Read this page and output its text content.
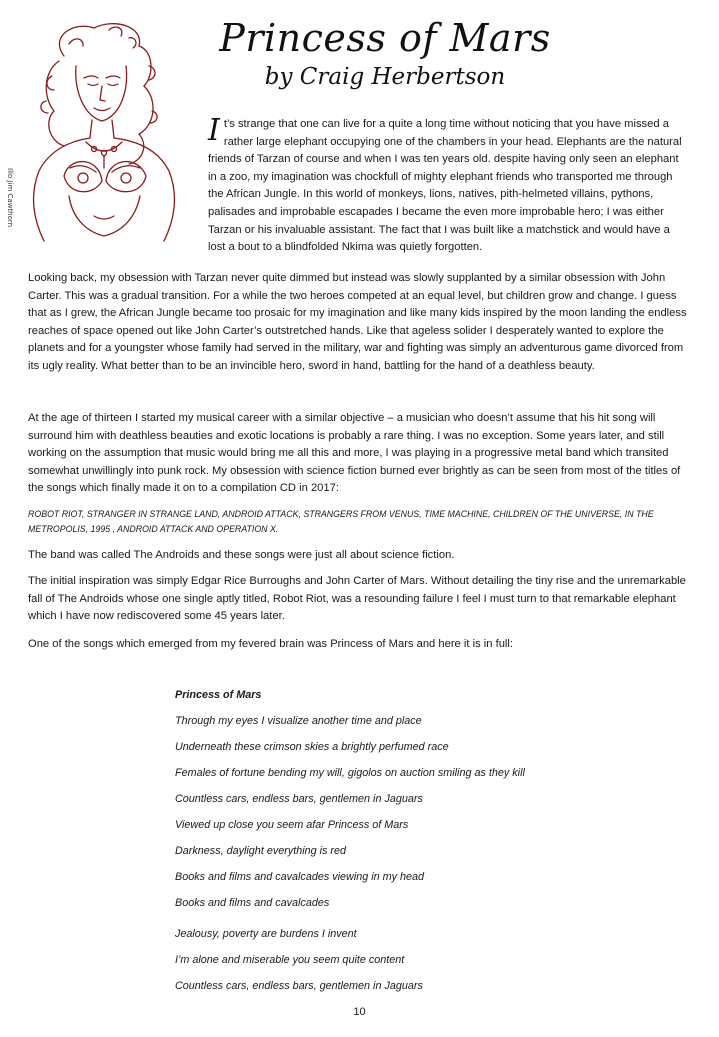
Illo Jim Cawthorn
Princess of Mars
by Craig Herbertson

It’s strange that one can live for a quite a long time without noticing that you have missed a rather large elephant occupying one of the chambers in your head. Elephants are the natural friends of Tarzan of course and when I was ten years old. despite having only seen an elephant in a zoo, my imagination was chockfull of mighty elephant friends who transported me through the African Jungle. In this world of monkeys, lions, natives, pith-helmeted villains, pythons, palisades and improbable escapades I became the even more improbable hero; I was either Tarzan or his invaluable assistant. The fact that I was built like a matchstick and would have a lost a bout to a blindfolded Nkima was quietly forgotten.

Looking back, my obsession with Tarzan never quite dimmed but instead was slowly supplanted by a similar obsession with John Carter. This was a gradual transition. For a while the two heroes competed at an equal level, but children grow and change. I guess that as I grew, the African Jungle became too prosaic for my imagination and like many kids inspired by the moon landing the endless reaches of space opened out like John Carter’s outstretched hands. Like that ageless solider I desperately wanted to explore the planets and for a youngster whose family had served in the military, war and fighting was simply an adventurous game divorced from its ugly reality. What better than to be an invincible hero, sword in hand, battling for the hand of a deathless beauty.

At the age of thirteen I started my musical career with a similar objective – a musician who doesn’t assume that his hit song will surround him with deathless beauties and exotic locations is probably a rare thing. I was no exception. Some years later, and still working on the assumption that music would bring me all this and more, I was playing in a progressive metal band which transited somewhat unwillingly into punk rock. My obsession with science fiction burned ever brightly as can be seen from most of the titles of the songs which finally made it on to a compilation CD in 2017:

ROBOT RIOT, STRANGER IN STRANGE LAND, ANDROID ATTACK, STRANGERS FROM VENUS, TIME MACHINE, CHILDREN OF THE UNIVERSE, IN THE METROPOLIS, 1995 , ANDROID ATTACK AND OPERATION X.

The band was called The Androids and these songs were just all about science fiction.

The initial inspiration was simply Edgar Rice Burroughs and John Carter of Mars. Without detailing the tiny rise and the unremarkable fall of The Androids whose one single aptly titled, Robot Riot, was a resounding failure I feel I must turn to that remarkable elephant which I have now rediscovered some 45 years later.

One of the songs which emerged from my fevered brain was Princess of Mars and here it is in full:

Princess of Mars
Through my eyes I visualize another time and place
Underneath these crimson skies a brightly perfumed race
Females of fortune bending my will, gigolos on auction smiling as they kill
Countless cars, endless bars, gentlemen in Jaguars
Viewed up close you seem afar Princess of Mars
Darkness, daylight everything is red
Books and films and cavalcades viewing in my head
Books and films and cavalcades
Jealousy, poverty are burdens I invent
I’m alone and miserable you seem quite content
Countless cars, endless bars, gentlemen in Jaguars
10
